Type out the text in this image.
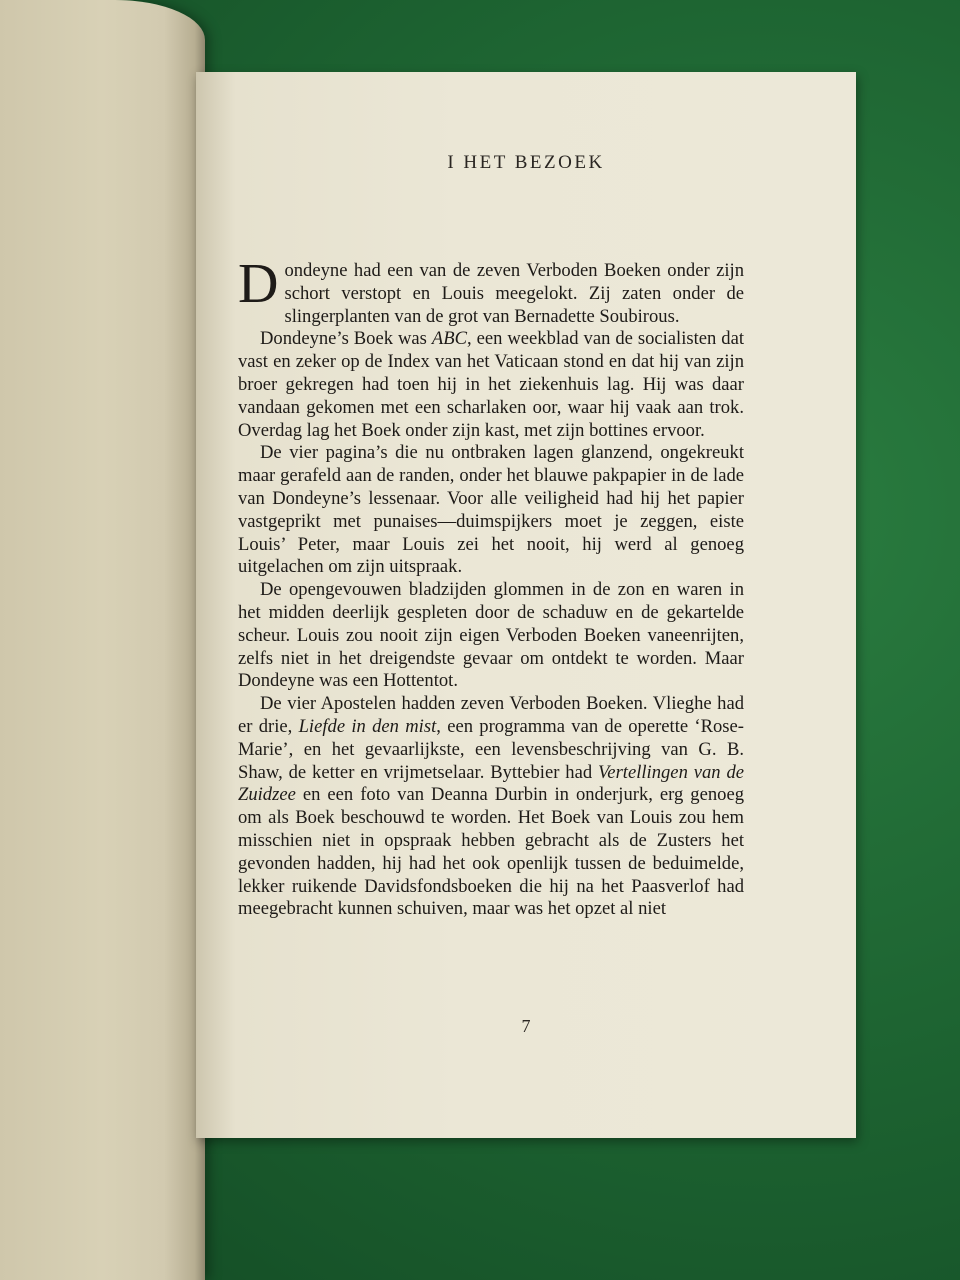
I HET BEZOEK

Dondeyne had een van de zeven Verboden Boeken onder zijn schort verstopt en Louis meegelokt. Zij zaten onder de slingerplanten van de grot van Bernadette Soubirous.

Dondeyne’s Boek was ABC, een weekblad van de socialisten dat vast en zeker op de Index van het Vaticaan stond en dat hij van zijn broer gekregen had toen hij in het ziekenhuis lag. Hij was daar vandaan gekomen met een scharlaken oor, waar hij vaak aan trok. Overdag lag het Boek onder zijn kast, met zijn bottines ervoor.

De vier pagina’s die nu ontbraken lagen glanzend, ongekreukt maar gerafeld aan de randen, onder het blauwe pakpapier in de lade van Dondeyne’s lessenaar. Voor alle veiligheid had hij het papier vastgeprikt met punaises—duimspijkers moet je zeggen, eiste Louis’ Peter, maar Louis zei het nooit, hij werd al genoeg uitgelachen om zijn uitspraak.

De opengevouwen bladzijden glommen in de zon en waren in het midden deerlijk gespleten door de schaduw en de gekartelde scheur. Louis zou nooit zijn eigen Verboden Boeken vaneenrijten, zelfs niet in het dreigendste gevaar om ontdekt te worden. Maar Dondeyne was een Hottentot.

De vier Apostelen hadden zeven Verboden Boeken. Vlieghe had er drie, Liefde in den mist, een programma van de operette ‘Rose-Marie’, en het gevaarlijkste, een levensbeschrijving van G. B. Shaw, de ketter en vrijmetselaar. Byttebier had Vertellingen van de Zuidzee en een foto van Deanna Durbin in onderjurk, erg genoeg om als Boek beschouwd te worden. Het Boek van Louis zou hem misschien niet in opspraak hebben gebracht als de Zusters het gevonden hadden, hij had het ook openlijk tussen de beduimelde, lekker ruikende Davidsfondsboeken die hij na het Paasverlof had meegebracht kunnen schuiven, maar was het opzet al niet

7
